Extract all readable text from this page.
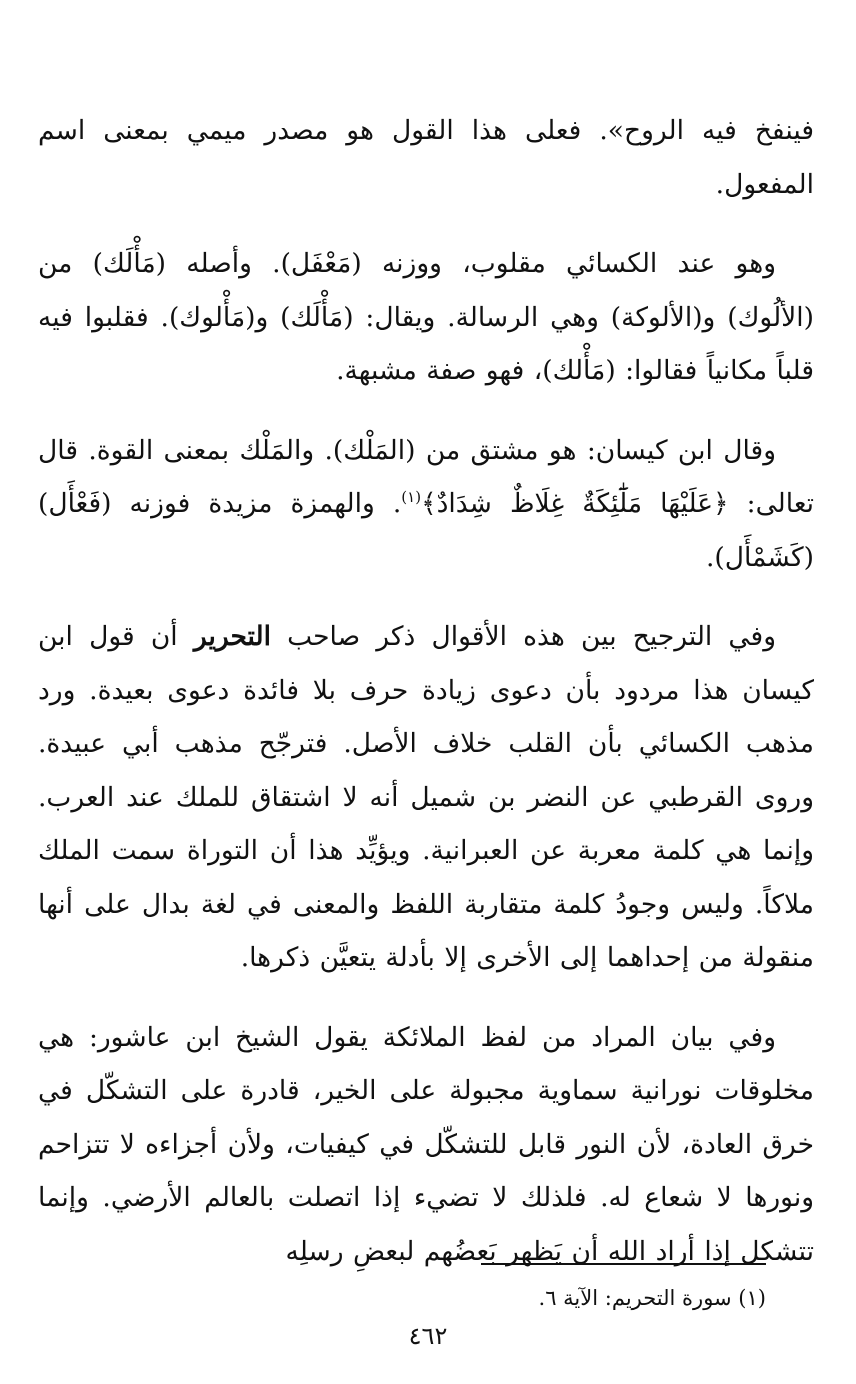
فينفخ فيه الروح». فعلى هذا القول هو مصدر ميمي بمعنى اسم المفعول.

وهو عند الكسائي مقلوب، ووزنه (مَعْفَل). وأصله (مَأْلَك) من (الألُوك) و(الألوكة) وهي الرسالة. ويقال: (مَأْلَك) و(مَأْلوك). فقلبوا فيه قلباً مكانياً فقالوا: (مَأْلك)، فهو صفة مشبهة.

وقال ابن كيسان: هو مشتق من (المَلْك). والمَلْك بمعنى القوة. قال تعالى: ﴿عَلَيْهَا مَلَٰٓئِكَةٌ غِلَاظٌ شِدَادٌ﴾$^{(١)}$. والهمزة مزيدة فوزنه (فَعْأَل) (كَشَمْأَل).

وفي الترجيح بين هذه الأقوال ذكر صاحب التحرير أن قول ابن كيسان هذا مردود بأن دعوى زيادة حرف بلا فائدة دعوى بعيدة. ورد مذهب الكسائي بأن القلب خلاف الأصل. فترجّح مذهب أبي عبيدة. وروى القرطبي عن النضر بن شميل أنه لا اشتقاق للملك عند العرب. وإنما هي كلمة معربة عن العبرانية. ويؤيِّد هذا أن التوراة سمت الملك ملاكاً. وليس وجودُ كلمة متقاربة اللفظ والمعنى في لغة بدال على أنها منقولة من إحداهما إلى الأخرى إلا بأدلة يتعيَّن ذكرها.

وفي بيان المراد من لفظ الملائكة يقول الشيخ ابن عاشور: هي مخلوقات نورانية سماوية مجبولة على الخير، قادرة على التشكّل في خرق العادة، لأن النور قابل للتشكّل في كيفيات، ولأن أجزاءه لا تتزاحم ونورها لا شعاع له. فلذلك لا تضيء إذا اتصلت بالعالم الأرضي. وإنما تتشكل إذا أراد الله أن يَظهر بَعضُهم لبعضِ رسلِه

(١) سورة التحريم: الآية ٦.
٤٦٢
